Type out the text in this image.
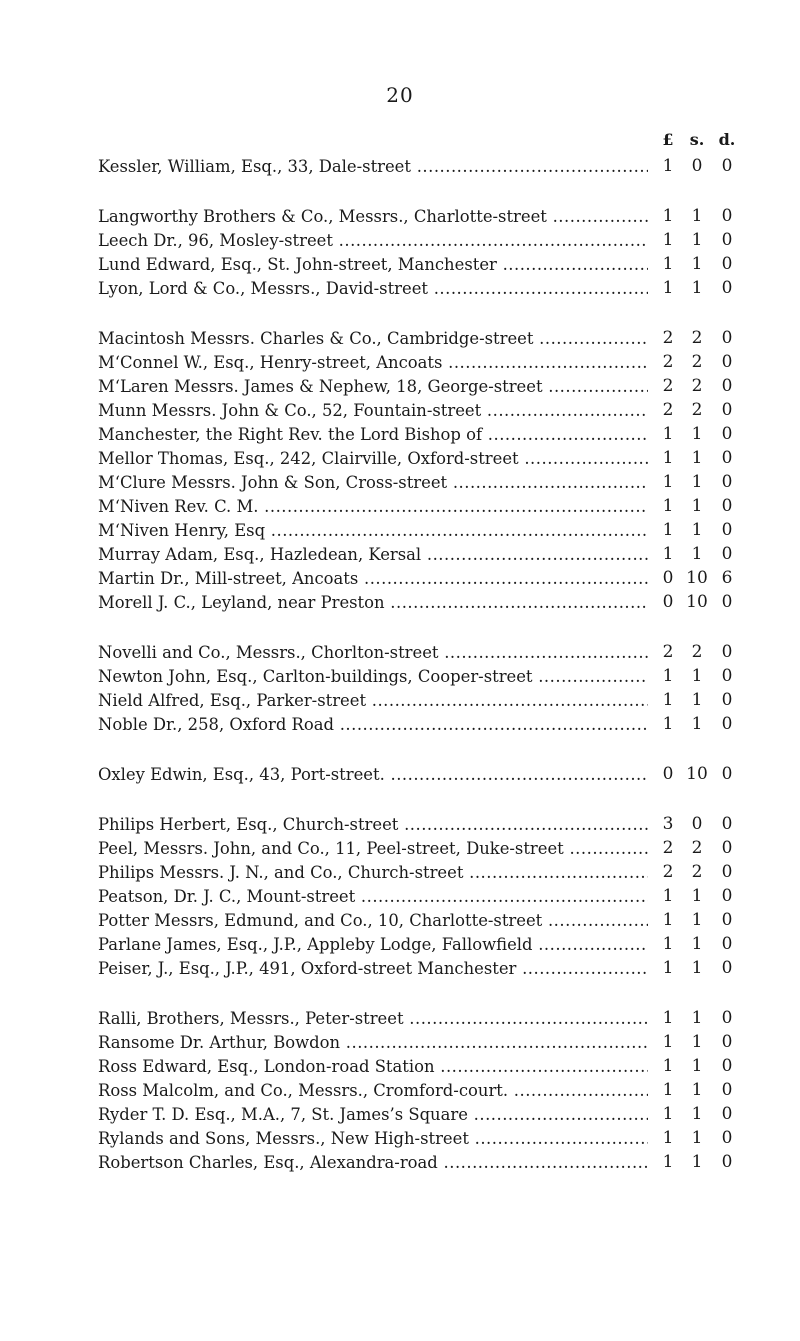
20
£	s. d.
Kessler, William, Esq., 33, Dale-street .....	1	0	0
Langworthy Brothers & Co., Messrs., Charlotte-street .....	1	1	0
Leech Dr., 96, Mosley-street .....	1	1	0
Lund Edward, Esq., St. John-street, Manchester .....	1	1	0
Lyon, Lord & Co., Messrs., David-street .....	1	1	0
Macintosh Messrs. Charles & Co., Cambridge-street .....	2	2	0
M‘Connel W., Esq., Henry-street, Ancoats .....	2	2	0
M‘Laren Messrs. James & Nephew, 18, George-street .....	2	2	0
Munn Messrs. John & Co., 52, Fountain-street .....	2	2	0
Manchester, the Right Rev. the Lord Bishop of .....	1	1	0
Mellor Thomas, Esq., 242, Clairville, Oxford-street .....	1	1	0
M‘Clure Messrs. John & Son, Cross-street .....	1	1	0
M‘Niven Rev. C. M. .....	1	1	0
M‘Niven Henry, Esq .....	1	1	0
Murray Adam, Esq., Hazledean, Kersal .....	1	1	0
Martin Dr., Mill-street, Ancoats .....	0 10 6
Morell J. C., Leyland, near Preston .....	0 10 0
Novelli and Co., Messrs., Chorlton-street .....	2	2	0
Newton John, Esq., Carlton-buildings, Cooper-street .....	1	1	0
Nield Alfred, Esq., Parker-street .....	1	1	0
Noble Dr., 258, Oxford Road .....	1	1	0
Oxley Edwin, Esq., 43, Port-street. .....	0 10 0
Philips Herbert, Esq., Church-street .....	3	0	0
Peel, Messrs. John, and Co., 11, Peel-street, Duke-street .....	2	2	0
Philips Messrs. J. N., and Co., Church-street .....	2	2	0
Peatson, Dr. J. C., Mount-street .....	1	1	0
Potter Messrs, Edmund, and Co., 10, Charlotte-street .....	1	1	0
Parlane James, Esq., J.P., Appleby Lodge, Fallowfield .....	1	1	0
Peiser, J., Esq., J.P., 491, Oxford-street Manchester .....	1	1	0
Ralli, Brothers, Messrs., Peter-street .....	1	1	0
Ransome Dr. Arthur, Bowdon .....	1	1	0
Ross Edward, Esq., London-road Station .....	1	1	0
Ross Malcolm, and Co., Messrs., Cromford-court. .....	1	1	0
Ryder T. D. Esq., M.A., 7, St. James’s Square .....	1	1	0
Rylands and Sons, Messrs., New High-street .....	1	1	0
Robertson Charles, Esq., Alexandra-road .....	1	1	0
